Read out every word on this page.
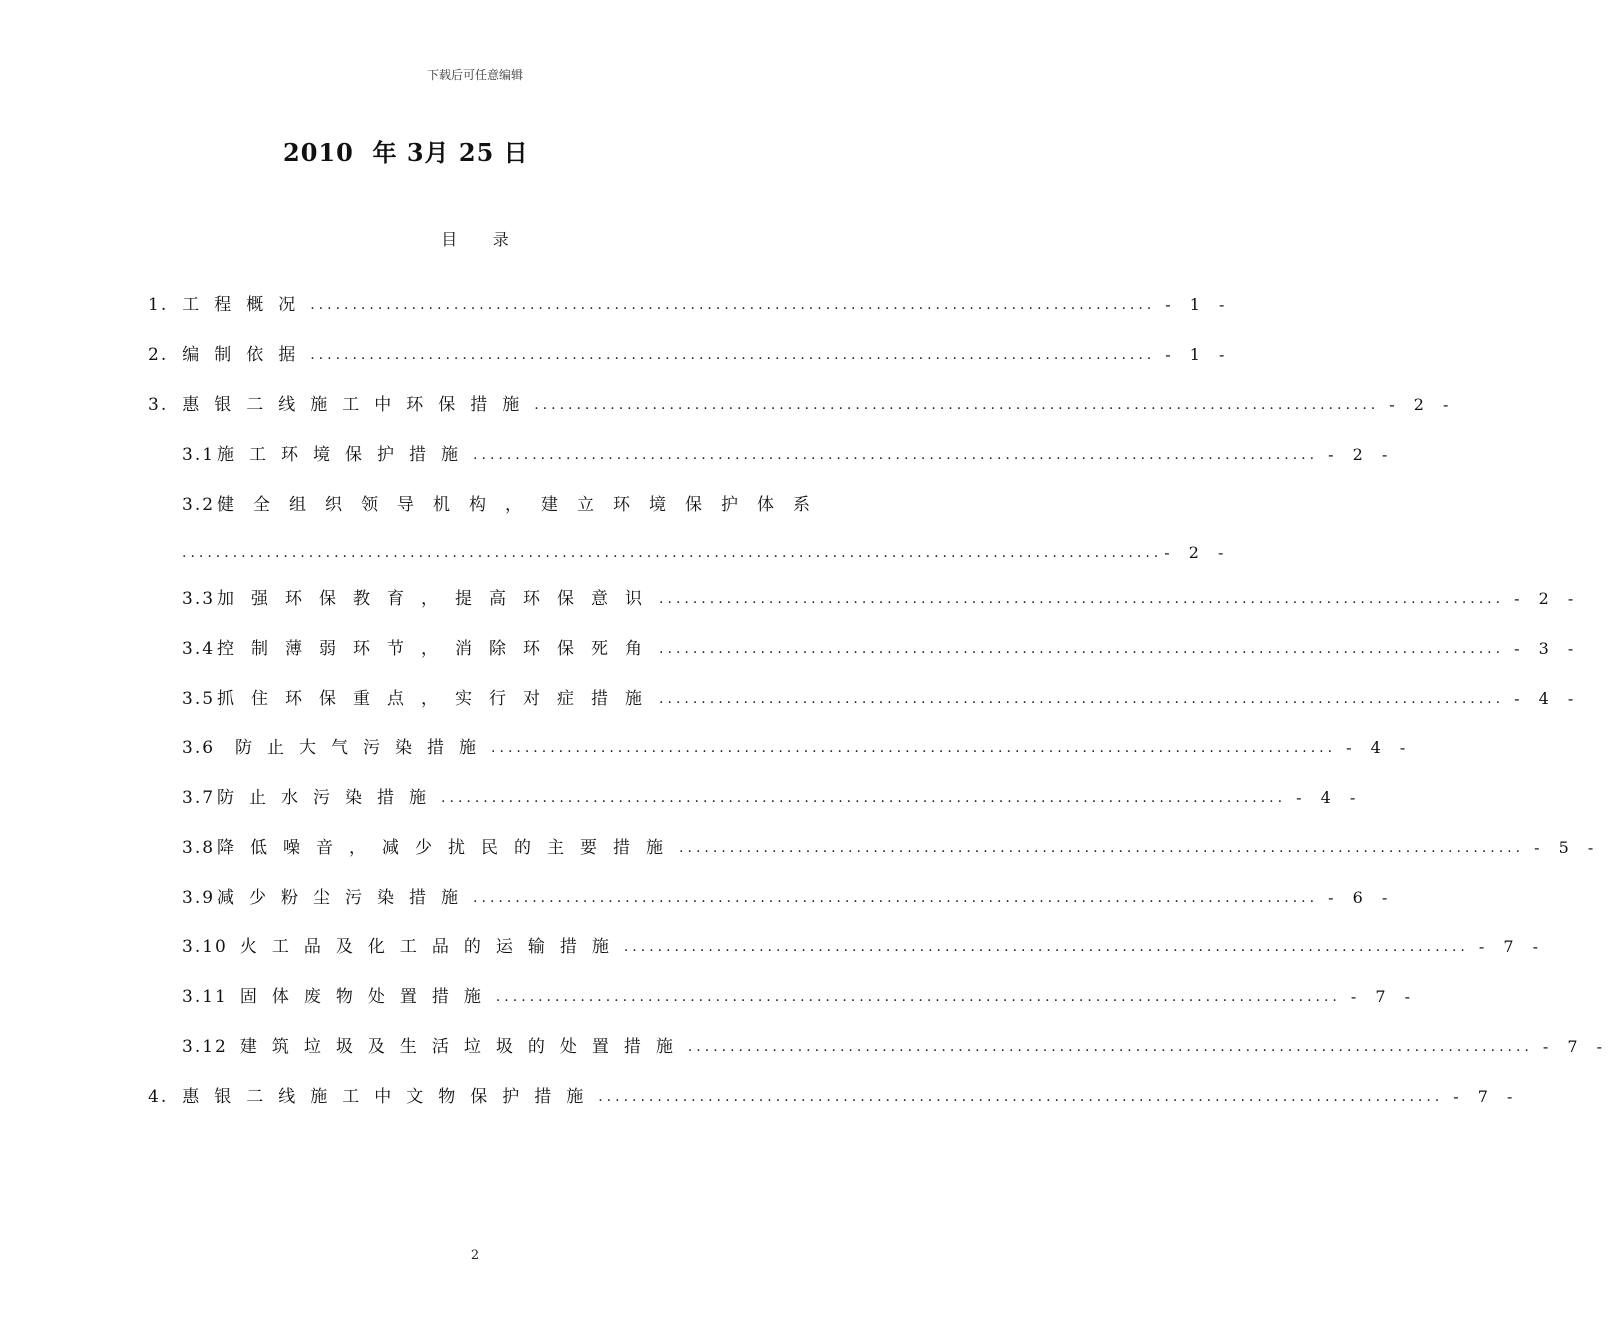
下载后可任意编辑
2010  年 3月 25 日
目       录
1. 工程概况 .................................................................................................... - 1 -
2. 编制依据 .................................................................................................... - 1 -
3. 惠银二线施工中环保措施 .................................................................................................... - 2 -
3.1 施工环境保护措施 .................................................................................................... - 2 -
3.2 健全组织领导机构，建立环境保护体系
.................................................................................................................... - 2 -
3.3 加强环保教育，提高环保意识 .................................................................................................... - 2 -
3.4 控制薄弱环节，消除环保死角 .................................................................................................... - 3 -
3.5 抓住环保重点，实行对症措施 .................................................................................................... - 4 -
3.6 防止大气污染措施 .................................................................................................... - 4 -
3.7 防止水污染措施 .................................................................................................... - 4 -
3.8 降低噪音，减少扰民的主要措施 .................................................................................................... - 5 -
3.9 减少粉尘污染措施 .................................................................................................... - 6 -
3.10 火工品及化工品的运输措施 .................................................................................................... - 7 -
3.11 固体废物处置措施 .................................................................................................... - 7 -
3.12 建筑垃圾及生活垃圾的处置措施 .................................................................................................... - 7 -
4. 惠银二线施工中文物保护措施 .................................................................................................... - 7 -
2
